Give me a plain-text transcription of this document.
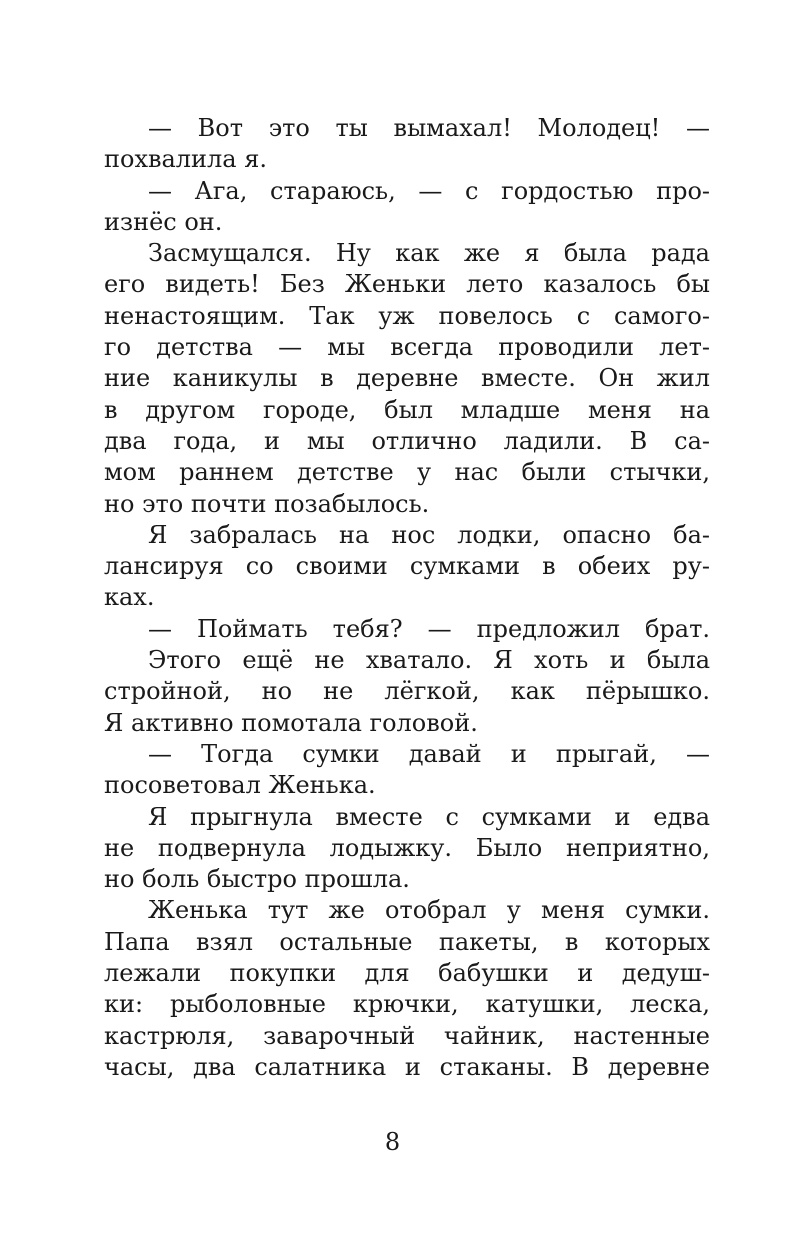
— Вот это ты вымахал! Молодец! —
похвалила я.
— Ага, стараюсь, — с гордостью про-
изнёс он.
Засмущался. Ну как же я была рада
его видеть! Без Женьки лето казалось бы
ненастоящим. Так уж повелось с самого-
го детства — мы всегда проводили лет-
ние каникулы в деревне вместе. Он жил
в другом городе, был младше меня на
два года, и мы отлично ладили. В са-
мом раннем детстве у нас были стычки,
но это почти позабылось.
Я забралась на нос лодки, опасно ба-
лансируя со своими сумками в обеих ру-
ках.
— Поймать тебя? — предложил брат.
Этого ещё не хватало. Я хоть и была
стройной, но не лёгкой, как пёрышко.
Я активно помотала головой.
— Тогда сумки давай и прыгай, —
посоветовал Женька.
Я прыгнула вместе с сумками и едва
не подвернула лодыжку. Было неприятно,
но боль быстро прошла.
Женька тут же отобрал у меня сумки.
Папа взял остальные пакеты, в которых
лежали покупки для бабушки и дедуш-
ки: рыболовные крючки, катушки, леска,
кастрюля, заварочный чайник, настенные
часы, два салатника и стаканы. В деревне
8
